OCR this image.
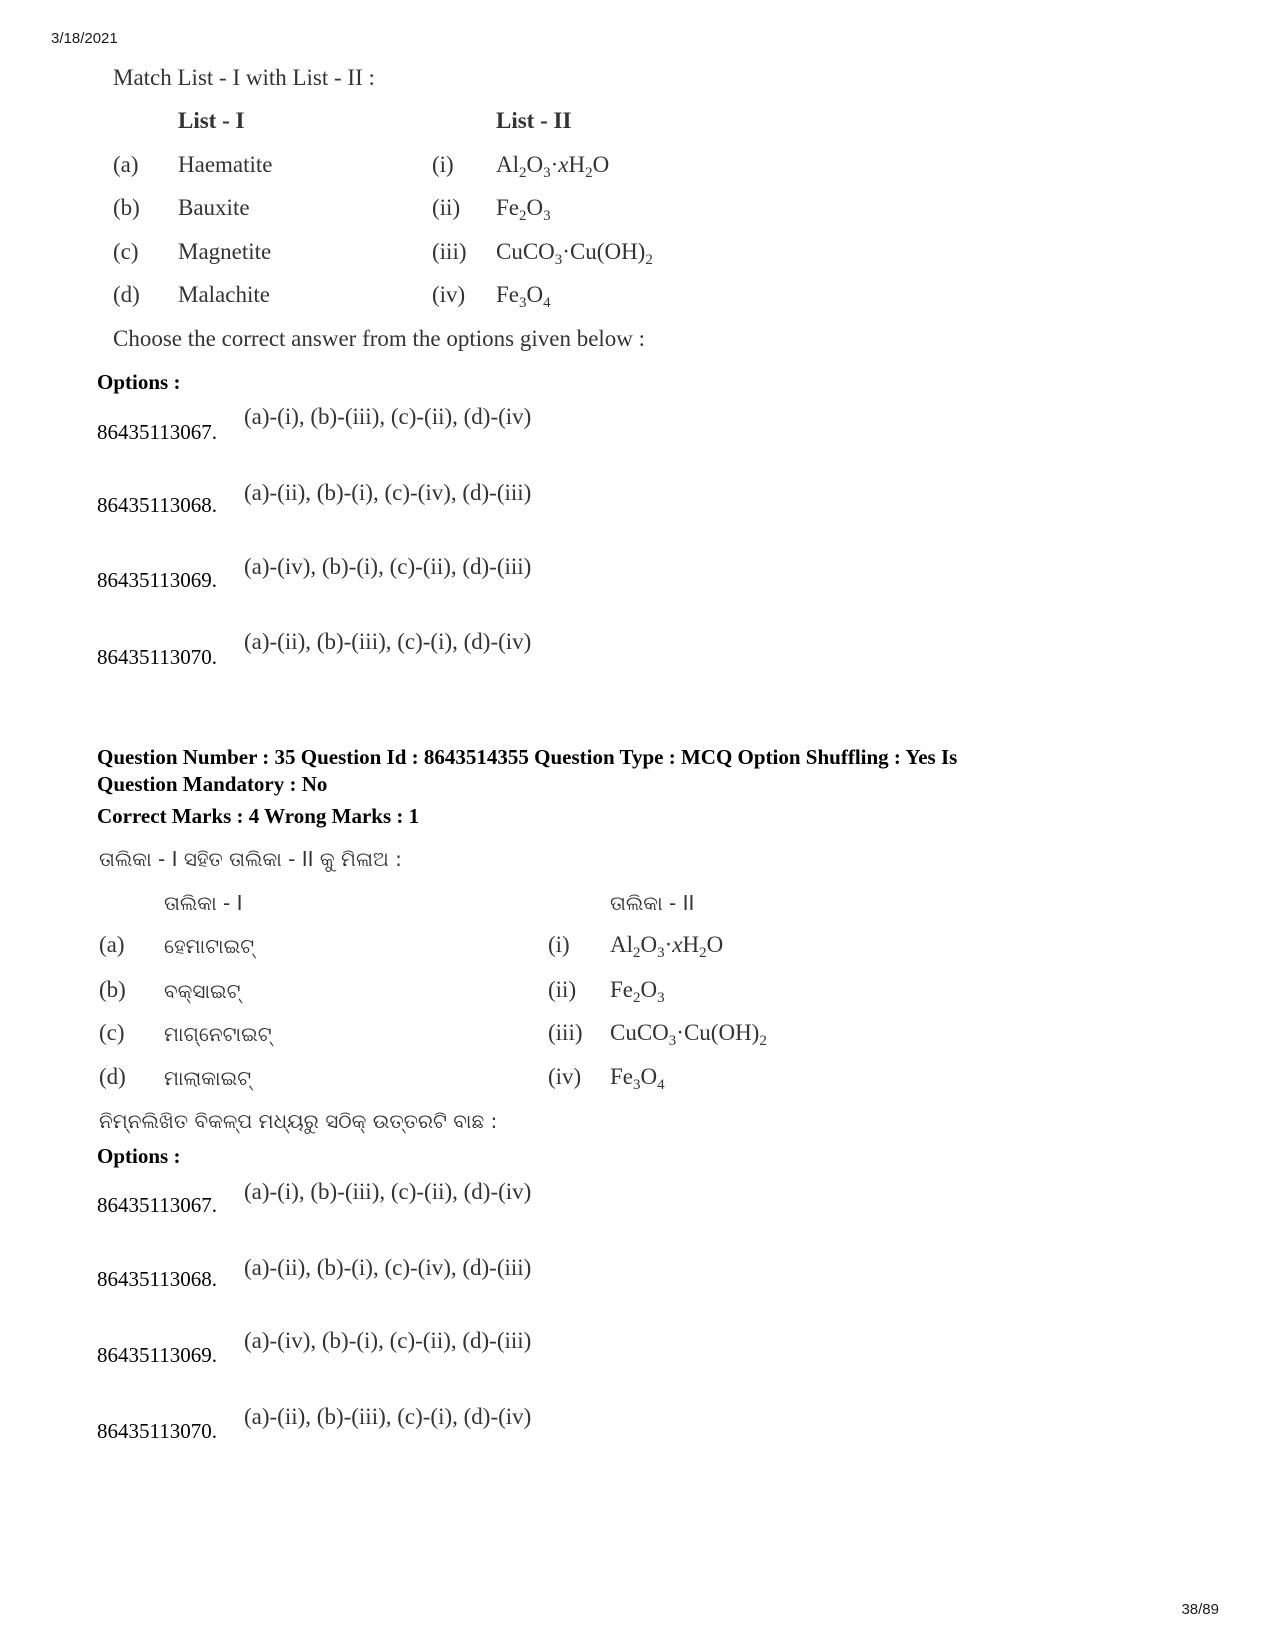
3/18/2021
38/89
Match List - I with List - II :
List - I	List - II
(a) Haematite	(i) $Al_2O_3\cdot xH_2O$
(b) Bauxite	(ii) $Fe_2O_3$
(c) Magnetite	(iii) $CuCO_3\cdot Cu(OH)_2$
(d) Malachite	(iv) $Fe_3O_4$
Choose the correct answer from the options given below :
Options :
86435113067.
(a)-(i), (b)-(iii), (c)-(ii), (d)-(iv)
86435113068. (a)-(ii), (b)-(i), (c)-(iv), (d)-(iii)
86435113069.
(a)-(iv), (b)-(i), (c)-(ii), (d)-(iii)
86435113070.
(a)-(ii), (b)-(iii), (c)-(i), (d)-(iv)
Question Number : 35 Question Id : 8643514355 Question Type : MCQ Option Shuffling : Yes Is
Question Mandatory : No
Correct Marks : 4 Wrong Marks : 1
ତାଲିକା - I ସହିତ ତାଲିକା - II କୁ ମିଳାଅ :
ତାଲିକା - I	ତାଲିକା - II
(a) ହେମାଟାଇଟ୍	(i) $Al_2O_3\cdot xH_2O$
(b) ବକ୍ସାଇଟ୍	(ii) $Fe_2O_3$
(c) ମାଗ୍ନେଟାଇଟ୍	(iii) $CuCO_3\cdot Cu(OH)_2$
(d) ମାଲାକାଇଟ୍	(iv) $Fe_3O_4$
ନିମ୍ନଲିଖିତ ବିକଳ୍ପ ମଧ୍ୟରୁ ସଠିକ୍ ଉତ୍ତରଟି ବାଛ :
Options :
86435113067.
(a)-(i), (b)-(iii), (c)-(ii), (d)-(iv)
86435113068. (a)-(ii), (b)-(i), (c)-(iv), (d)-(iii)
86435113069.
(a)-(iv), (b)-(i), (c)-(ii), (d)-(iii)
86435113070.
(a)-(ii), (b)-(iii), (c)-(i), (d)-(iv)
